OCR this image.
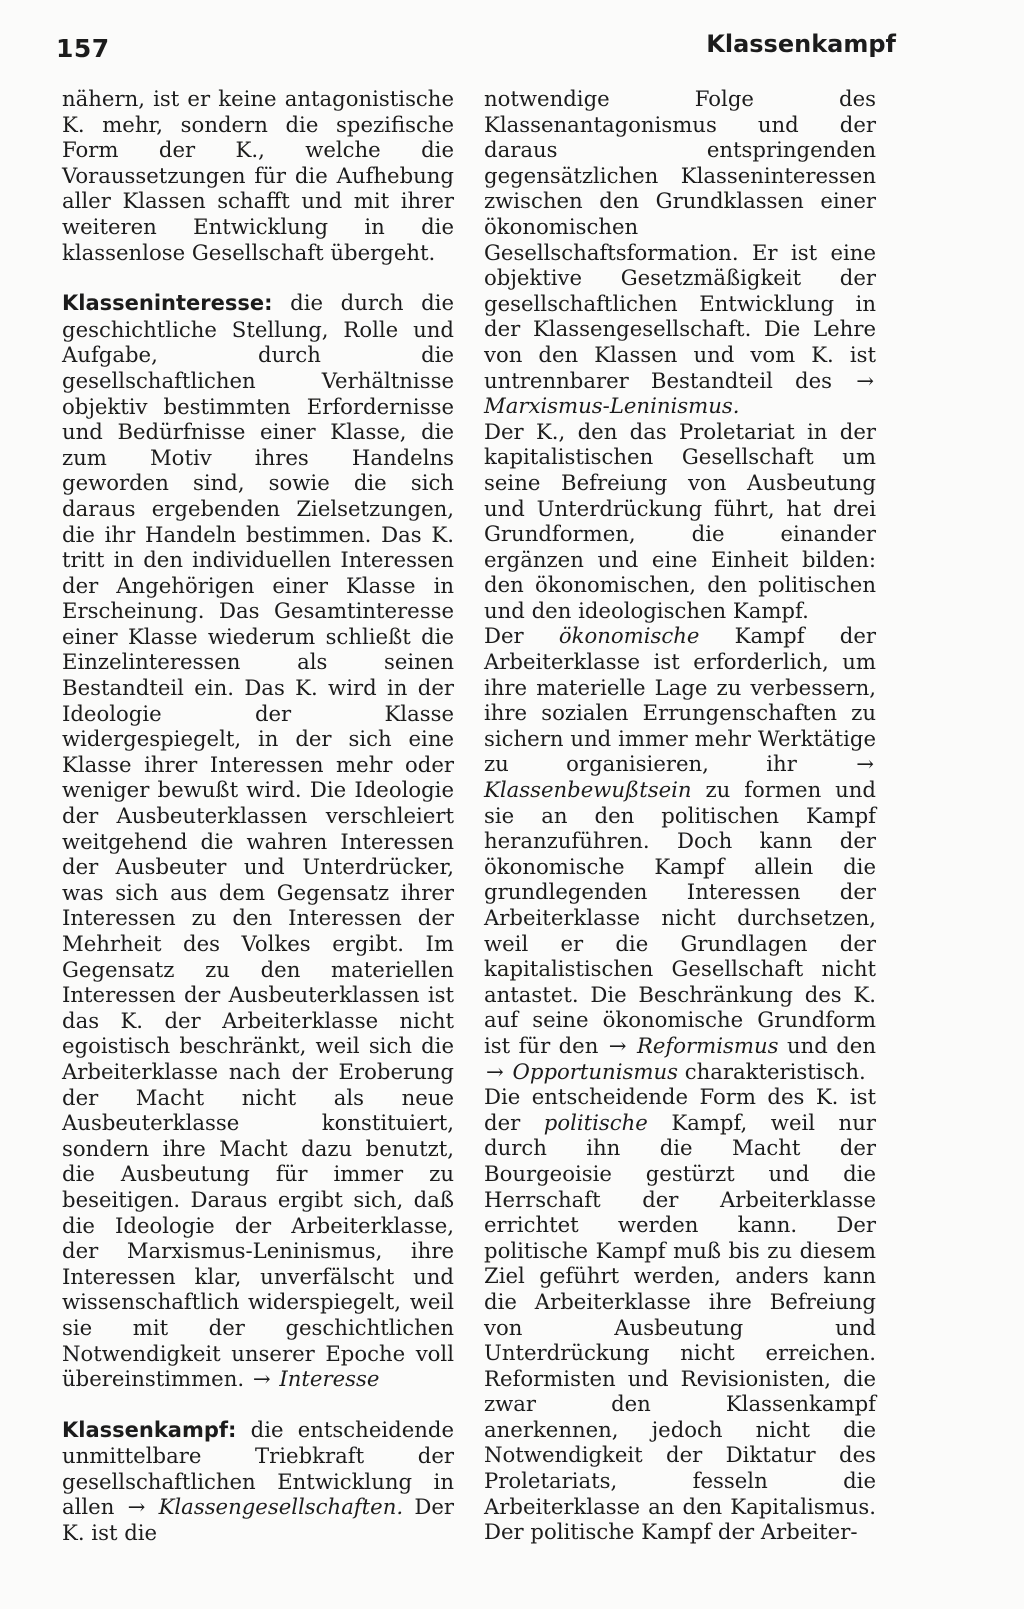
157	Klassenkampf

nähern, ist er keine antagonistische K. mehr, sondern die spezifische Form der K., welche die Voraussetzungen für die Aufhebung aller Klassen schafft und mit ihrer weiteren Entwicklung in die klassenlose Gesellschaft übergeht.

Klasseninteresse: die durch die geschichtliche Stellung, Rolle und Aufgabe, durch die gesellschaftlichen Verhältnisse objektiv bestimmten Erfordernisse und Bedürfnisse einer Klasse, die zum Motiv ihres Handelns geworden sind, sowie die sich daraus ergebenden Zielsetzungen, die ihr Handeln bestimmen. Das K. tritt in den individuellen Interessen der Angehörigen einer Klasse in Erscheinung. Das Gesamtinteresse einer Klasse wiederum schließt die Einzelinteressen als seinen Bestandteil ein. Das K. wird in der Ideologie der Klasse widergespiegelt, in der sich eine Klasse ihrer Interessen mehr oder weniger bewußt wird. Die Ideologie der Ausbeuterklassen verschleiert weitgehend die wahren Interessen der Ausbeuter und Unterdrücker, was sich aus dem Gegensatz ihrer Interessen zu den Interessen der Mehrheit des Volkes ergibt. Im Gegensatz zu den materiellen Interessen der Ausbeuterklassen ist das K. der Arbeiterklasse nicht egoistisch beschränkt, weil sich die Arbeiterklasse nach der Eroberung der Macht nicht als neue Ausbeuterklasse konstituiert, sondern ihre Macht dazu benutzt, die Ausbeutung für immer zu beseitigen. Daraus ergibt sich, daß die Ideologie der Arbeiterklasse, der Marxismus-Leninismus, ihre Interessen klar, unverfälscht und wissenschaftlich widerspiegelt, weil sie mit der geschichtlichen Notwendigkeit unserer Epoche voll übereinstimmen. → Interesse

Klassenkampf: die entscheidende unmittelbare Triebkraft der gesellschaftlichen Entwicklung in allen → Klassengesellschaften. Der K. ist die

notwendige Folge des Klassenantagonismus und der daraus entspringenden gegensätzlichen Klasseninteressen zwischen den Grundklassen einer ökonomischen Gesellschaftsformation. Er ist eine objektive Gesetzmäßigkeit der gesellschaftlichen Entwicklung in der Klassengesellschaft. Die Lehre von den Klassen und vom K. ist untrennbarer Bestandteil des → Marxismus-Leninismus.

Der K., den das Proletariat in der kapitalistischen Gesellschaft um seine Befreiung von Ausbeutung und Unterdrückung führt, hat drei Grundformen, die einander ergänzen und eine Einheit bilden: den ökonomischen, den politischen und den ideologischen Kampf.

Der ökonomische Kampf der Arbeiterklasse ist erforderlich, um ihre materielle Lage zu verbessern, ihre sozialen Errungenschaften zu sichern und immer mehr Werktätige zu organisieren, ihr	→ Klassenbewußtsein zu formen und sie an den politischen Kampf heranzuführen. Doch kann der ökonomische Kampf allein die grundlegenden Interessen der Arbeiterklasse nicht durchsetzen, weil er die Grundlagen der kapitalistischen Gesellschaft nicht antastet. Die Beschränkung des K. auf seine ökonomische Grundform ist für den → Reformismus und den → Opportunismus charakteristisch.

Die entscheidende Form des K. ist der politische Kampf, weil nur durch ihn die Macht der Bourgeoisie gestürzt und die Herrschaft der Arbeiterklasse errichtet werden kann. Der politische Kampf muß bis zu diesem Ziel geführt werden, anders kann die Arbeiterklasse ihre Befreiung von Ausbeutung und Unterdrückung nicht erreichen. Reformisten und Revisionisten, die zwar den Klassenkampf anerkennen, jedoch nicht die Notwendigkeit der Diktatur des Proletariats, fesseln die Arbeiterklasse an den Kapitalismus. Der politische Kampf der Arbeiter-
